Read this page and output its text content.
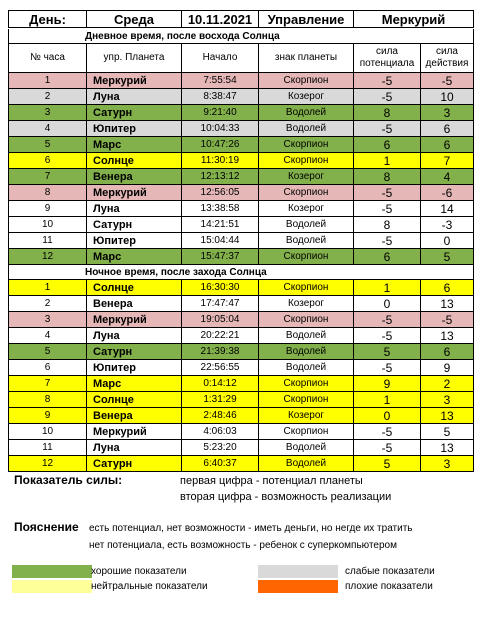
День:	Среда	10.11.2021	Управление	Меркурий
Дневное время, после восхода Солнца					
№ часа	упр. Планета	Начало	знак планеты	сила потенциала	сила действия
1	Меркурий	7:55:54	Скорпион	-5	-5
2	Луна	8:38:47	Козерог	-5	10
3	Сатурн	9:21:40	Водолей	8	3
4	Юпитер	10:04:33	Водолей	-5	6
5	Марс	10:47:26	Скорпион	6	6
6	Солнце	11:30:19	Скорпион	1	7
7	Венера	12:13:12	Козерог	8	4
8	Меркурий	12:56:05	Скорпион	-5	-6
9	Луна	13:38:58	Козерог	-5	14
10	Сатурн	14:21:51	Водолей	8	-3
11	Юпитер	15:04:44	Водолей	-5	0
12	Марс	15:47:37	Скорпион	6	5
Ночное время, после захода Солнца					
1	Солнце	16:30:30	Скорпион	1	6
2	Венера	17:47:47	Козерог	0	13
3	Меркурий	19:05:04	Скорпион	-5	-5
4	Луна	20:22:21	Водолей	-5	13
5	Сатурн	21:39:38	Водолей	5	6
6	Юпитер	22:56:55	Водолей	-5	9
7	Марс	0:14:12	Скорпион	9	2
8	Солнце	1:31:29	Скорпион	1	3
9	Венера	2:48:46	Козерог	0	13
10	Меркурий	4:06:03	Скорпион	-5	5
11	Луна	5:23:20	Водолей	-5	13
12	Сатурн	6:40:37	Водолей	5	3
Показатель силы:	первая цифра - потенциал планеты
вторая цифра - возможность реализации
Пояснение есть потенциал, нет возможности - иметь деньги, но негде их тратить
нет потенциала, есть возможность - ребенок с суперкомпьютером
хорошие показатели
нейтральные показатели
слабые показатели
плохие показатели
